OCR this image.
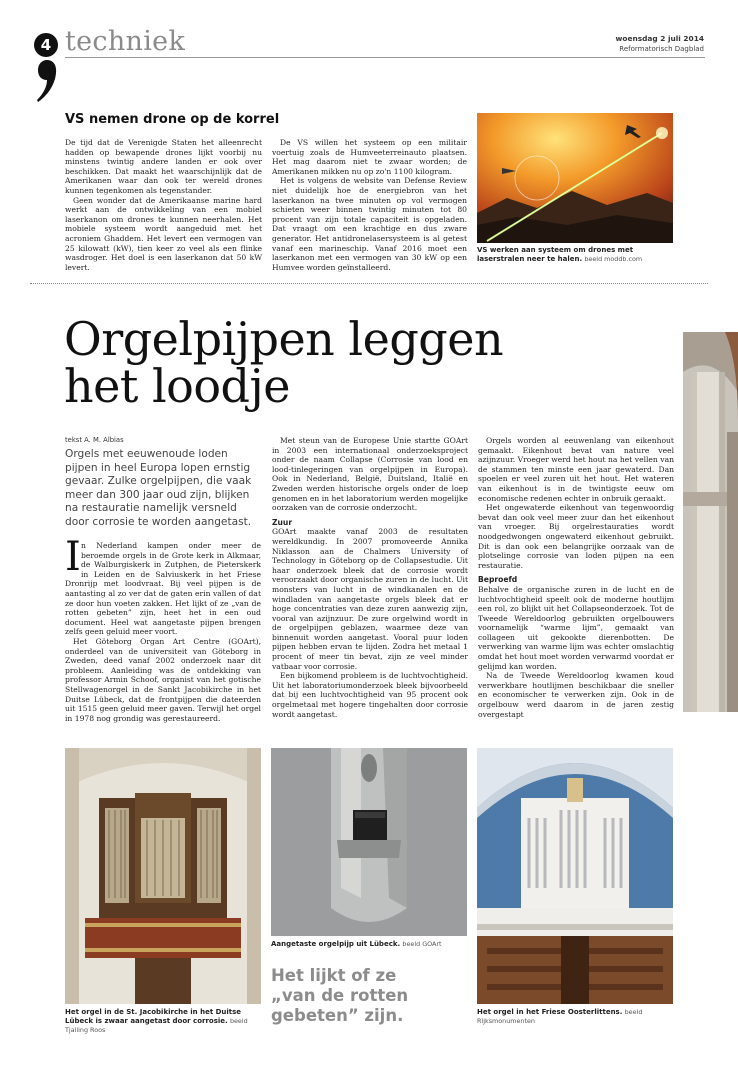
4 techniek	woensdag 2 juli 2014
Reformatorisch Dagblad
VS nemen drone op de korrel

De tijd dat de Verenigde Staten het alleenrecht hadden op bewapende drones lijkt voorbij nu minstens twintig andere landen er ook over beschikken. Dat maakt het waarschijnlijk dat de Amerikanen waar dan ook ter wereld drones kunnen tegenkomen als tegenstander.

Geen wonder dat de Amerikaanse marine hard werkt aan de ontwikkeling van een mobiel laserkanon om drones te kunnen neerhalen. Het mobiele systeem wordt aangeduid met het acroniem Ghaddem. Het levert een vermogen van 25 kilowatt (kW), tien keer zo veel als een flinke wasdroger. Het doel is een laserkanon dat 50 kW levert.

De VS willen het systeem op een militair voertuig zoals de Humveeterreinauto plaatsen. Het mag daarom niet te zwaar worden; de Amerikanen mikken nu op zo'n 1100 kilogram.

Het is volgens de website van Defense Review niet duidelijk hoe de energiebron van het laserkanon na twee minuten op vol vermogen schieten weer binnen twintig minuten tot 80 procent van zijn totale capaciteit is opgeladen. Dat vraagt om een krachtige en dus zware generator. Het antidronelasersysteem is al getest vanaf een marineschip. Vanaf 2016 moet een laserkanon met een vermogen van 30 kW op een Humvee worden geïnstalleerd.

VS werken aan systeem om drones met laserstralen neer te halen. beeld moddb.com
Orgelpijpen leggen
het loodje
tekst A. M. Albias
Orgels met eeuwenoude loden pijpen in heel Europa lopen ernstig gevaar. Zulke orgelpijpen, die vaak meer dan 300 jaar oud zijn, blijken na restauratie namelijk versneld door corrosie te worden aangetast.
I n Nederland kampen onder meer de beroemde orgels in de Grote kerk in Alkmaar, de Walburgiskerk in Zutphen, de Pieterskerk in Leiden en de Salviuskerk in het Friese Dronrijp met loodvraat. Bij veel pijpen is de aantasting al zo ver dat de gaten erin vallen of dat ze door hun voeten zakken. Het lijkt of ze „van de rotten gebeten” zijn, heet het in een oud document. Heel wat aangetaste pijpen brengen zelfs geen geluid meer voort.

Het Göteborg Organ Art Centre (GOArt), onderdeel van de universiteit van Göteborg in Zweden, deed vanaf 2002 onderzoek naar dit probleem. Aanleiding was de ontdekking van professor Armin Schoof, organist van het gotische Stellwagenorgel in de Sankt Jacobikirche in het Duitse Lübeck, dat de frontpijpen die dateerden uit 1515 geen geluid meer gaven. Terwijl het orgel in 1978 nog grondig was gerestaureerd.

Met steun van de Europese Unie startte GOArt in 2003 een internationaal onderzoeksproject onder de naam Collapse (Corrosie van lood en lood-tinlegeringen van orgelpijpen in Europa). Ook in Nederland, België, Duitsland, Italië en Zweden werden historische orgels onder de loep genomen en in het laboratorium werden mogelijke oorzaken van de corrosie onderzocht.

Zuur

GOArt maakte vanaf 2003 de resultaten wereldkundig. In 2007 promoveerde Annika Niklasson aan de Chalmers University of Technology in Göteborg op de Collapsestudie. Uit haar onderzoek bleek dat de corrosie wordt veroorzaakt door organische zuren in de lucht. Uit monsters van lucht in de windkanalen en de windladen van aangetaste orgels bleek dat er hoge concentraties van deze zuren aanwezig zijn, vooral van azijnzuur. De zure orgelwind wordt in de orgelpijpen geblazen, waarmee deze van binnenuit worden aangetast. Vooral puur loden pijpen hebben ervan te lijden. Zodra het metaal 1 procent of meer tin bevat, zijn ze veel minder vatbaar voor corrosie.

Een bijkomend probleem is de luchtvochtigheid. Uit het laboratoriumonderzoek bleek bijvoorbeeld dat bij een luchtvochtigheid van 95 procent ook orgelmetaal met hogere tingehalten door corrosie wordt aangetast.

Orgels worden al eeuwenlang van eikenhout gemaakt. Eikenhout bevat van nature veel azijnzuur. Vroeger werd het hout na het vellen van de stammen ten minste een jaar gewaterd. Dan spoelen er veel zuren uit het hout. Het wateren van eikenhout is in de twintigste eeuw om economische redenen echter in onbruik geraakt.

Het ongewaterde eikenhout van tegenwoordig bevat dan ook veel meer zuur dan het eikenhout van vroeger. Bij orgelrestauraties wordt noodgedwongen ongewaterd eikenhout gebruikt. Dit is dan ook een belangrijke oorzaak van de plotselinge corrosie van loden pijpen na een restauratie.

Beproefd

Behalve de organische zuren in de lucht en de luchtvochtigheid speelt ook de moderne houtlijm een rol, zo blijkt uit het Collapseonderzoek. Tot de Tweede Wereldoorlog gebruikten orgelbouwers voornamelijk “warme lijm”, gemaakt van collageen uit gekookte dierenbotten. De verwerking van warme lijm was echter omslachtig omdat het hout moet worden verwarmd voordat er gelijmd kan worden.

Na de Tweede Wereldoorlog kwamen koud verwerkbare houtlijmen beschikbaar die sneller en economischer te verwerken zijn. Ook in de orgelbouw werd daarom in de jaren zestig overgestapt

Het orgel in de St. Jacobikirche in het Duitse Lübeck is zwaar aangetast door corrosie. beeld Tjalling Roos
Aangetaste orgelpijp uit Lübeck. beeld GOArt
Het lijkt of ze
„van de rotten
gebeten” zijn.	Het orgel in het Friese Oosterlittens. beeld Rijksmonumenten
